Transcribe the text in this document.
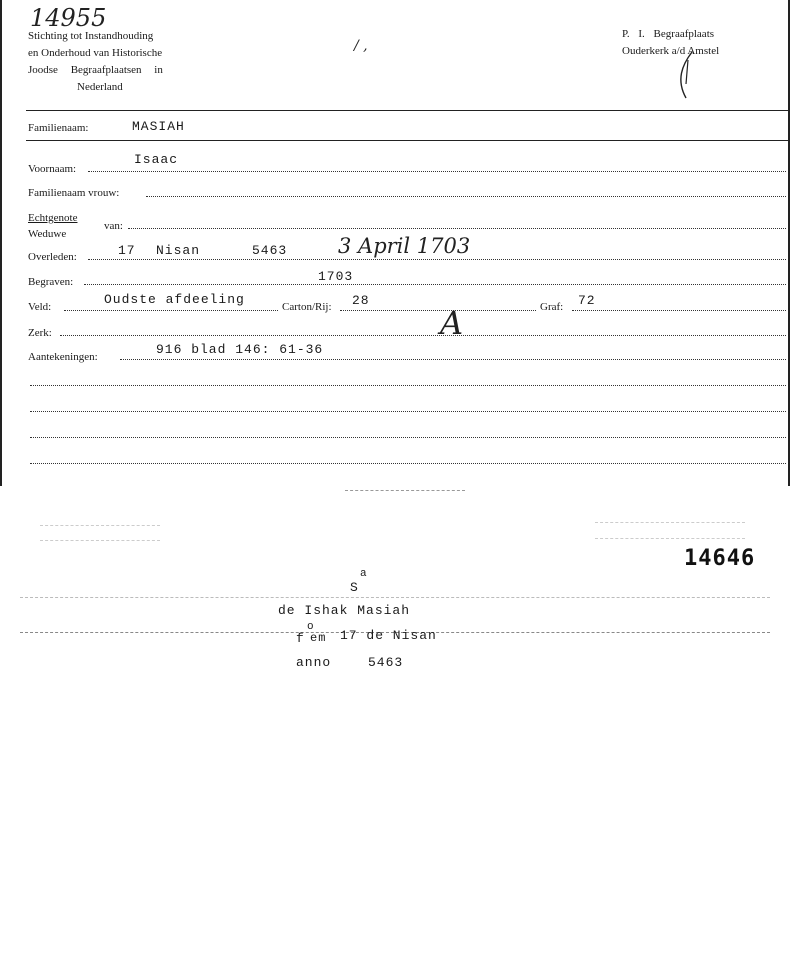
14955
Stichting tot Instandhouding
en Onderhoud van Historische
Joodse Begraafplaatsen in
Nederland
/ ,
P. I. Begraafplaats
Ouderkerk a/d Amstel
Familienaam:	MASIAH
Voornaam:
Isaac
Familienaam vrouw:
Echtgenote
Weduwe
van:
Overleden:	17 Nisan	5463 3 April 1703
Begraven:	1703
Veld:	Oudste afdeeling	Carton/Rij: 28	Graf: 72
Zerk:	A
Aantekeningen:	916 blad 146: 61-36
14646
S
a
de Ishak Masiah
f
o
em 17 de Nisan
anno	5463
